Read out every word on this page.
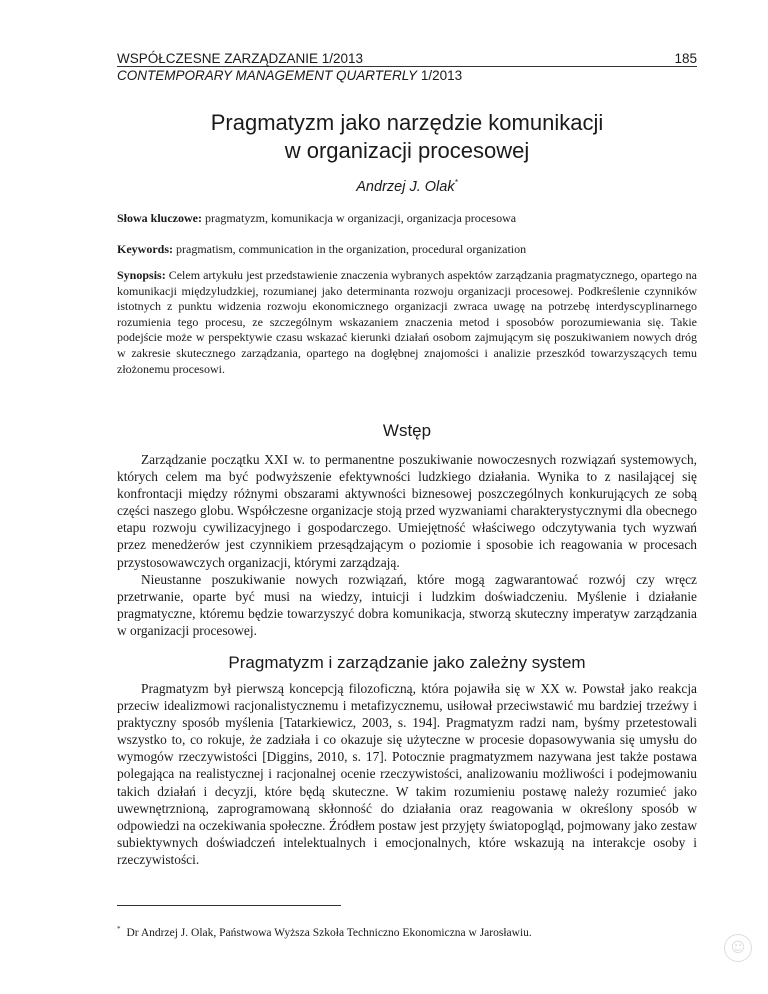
WSPÓŁCZESNE ZARZĄDZANIE 1/2013	185
CONTEMPORARY MANAGEMENT QUARTERLY 1/2013
Pragmatyzm jako narzędzie komunikacji
w organizacji procesowej
Andrzej J. Olak*
Słowa kluczowe: pragmatyzm, komunikacja w organizacji, organizacja procesowa
Keywords: pragmatism, communication in the organization, procedural organization
Synopsis: Celem artykułu jest przedstawienie znaczenia wybranych aspektów zarządzania pragmatycznego, opartego na komunikacji międzyludzkiej, rozumianej jako determinanta rozwoju organizacji procesowej. Podkreślenie czynników istotnych z punktu widzenia rozwoju ekonomicznego organizacji zwraca uwagę na potrzebę interdyscyplinarnego rozumienia tego procesu, ze szczególnym wskazaniem znaczenia metod i sposobów porozumiewania się. Takie podejście może w perspektywie czasu wskazać kierunki działań osobom zajmującym się poszukiwaniem nowych dróg w zakresie skutecznego zarządzania, opartego na dogłębnej znajomości i analizie przeszkód towarzyszących temu złożonemu procesowi.
Wstęp

Zarządzanie początku XXI w. to permanentne poszukiwanie nowoczesnych rozwiązań systemowych, których celem ma być podwyższenie efektywności ludzkiego działania. Wynika to z nasilającej się konfrontacji między różnymi obszarami aktywności biznesowej poszczególnych konkurujących ze sobą części naszego globu. Współczesne organizacje stoją przed wyzwaniami charakterystycznymi dla obecnego etapu rozwoju cywilizacyjnego i gospodarczego. Umiejętność właściwego odczytywania tych wyzwań przez menedżerów jest czynnikiem przesądzającym o poziomie i sposobie ich reagowania w procesach przystosowawczych organizacji, którymi zarządzają.

Nieustanne poszukiwanie nowych rozwiązań, które mogą zagwarantować rozwój czy wręcz przetrwanie, oparte być musi na wiedzy, intuicji i ludzkim doświadczeniu. Myślenie i działanie pragmatyczne, któremu będzie towarzyszyć dobra komunikacja, stworzą skuteczny imperatyw zarządzania w organizacji procesowej.

Pragmatyzm i zarządzanie jako zależny system

Pragmatyzm był pierwszą koncepcją filozoficzną, która pojawiła się w XX w. Powstał jako reakcja przeciw idealizmowi racjonalistycznemu i metafizycznemu, usiłował przeciwstawić mu bardziej trzeźwy i praktyczny sposób myślenia [Tatarkiewicz, 2003, s. 194]. Pragmatyzm radzi nam, byśmy przetestowali wszystko to, co rokuje, że zadziała i co okazuje się użyteczne w procesie dopasowywania się umysłu do wymogów rzeczywistości [Diggins, 2010, s. 17]. Potocznie pragmatyzmem nazywana jest także postawa polegająca na realistycznej i racjonalnej ocenie rzeczywistości, analizowaniu możliwości i podejmowaniu takich działań i decyzji, które będą skuteczne. W takim rozumieniu postawę należy rozumieć jako uwewnętrznioną, zaprogramowaną skłonność do działania oraz reagowania w określony sposób w odpowiedzi na oczekiwania społeczne. Źródłem postaw jest przyjęty światopogląd, pojmowany jako zestaw subiektywnych doświadczeń intelektualnych i emocjonalnych, które wskazują na interakcje osoby i rzeczywistości.

* Dr Andrzej J. Olak, Państwowa Wyższa Szkoła Techniczno Ekonomiczna w Jarosławiu.
☺
